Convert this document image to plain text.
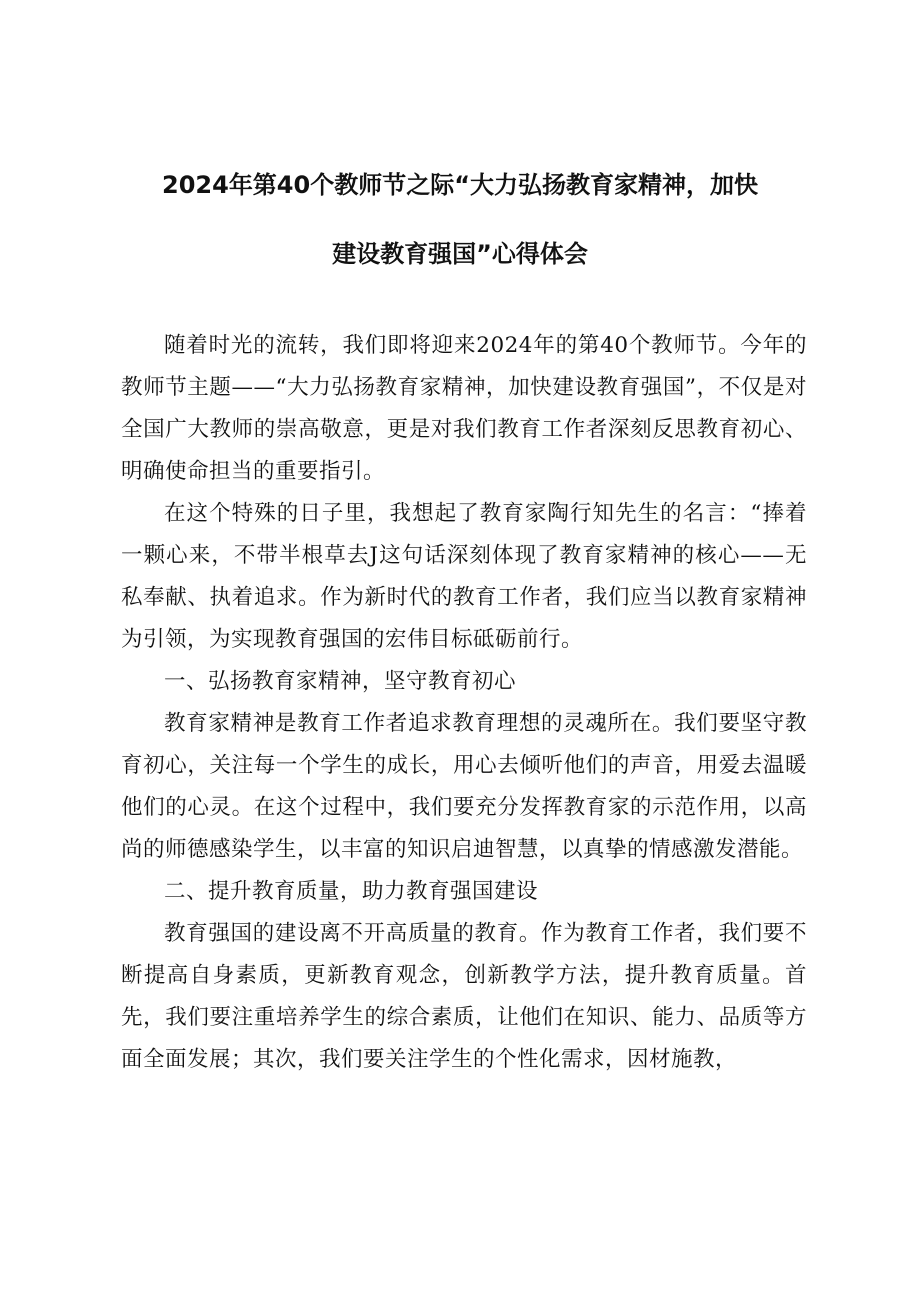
2024年第40个教师节之际“大力弘扬教育家精神，加快
建设教育强国”心得体会

随着时光的流转，我们即将迎来2024年的第40个教师节。今年的教师节主题——“大力弘扬教育家精神，加快建设教育强国”，不仅是对全国广大教师的崇高敬意，更是对我们教育工作者深刻反思教育初心、明确使命担当的重要指引。

在这个特殊的日子里，我想起了教育家陶行知先生的名言：“捧着一颗心来，不带半根草去J这句话深刻体现了教育家精神的核心——无私奉献、执着追求。作为新时代的教育工作者，我们应当以教育家精神为引领，为实现教育强国的宏伟目标砥砺前行。

一、弘扬教育家精神，坚守教育初心

教育家精神是教育工作者追求教育理想的灵魂所在。我们要坚守教育初心，关注每一个学生的成长，用心去倾听他们的声音，用爱去温暖他们的心灵。在这个过程中，我们要充分发挥教育家的示范作用，以高尚的师德感染学生，以丰富的知识启迪智慧，以真挚的情感激发潜能。

二、提升教育质量，助力教育强国建设

教育强国的建设离不开高质量的教育。作为教育工作者，我们要不断提高自身素质，更新教育观念，创新教学方法，提升教育质量。首先，我们要注重培养学生的综合素质，让他们在知识、能力、品质等方面全面发展；其次，我们要关注学生的个性化需求，因材施教，
